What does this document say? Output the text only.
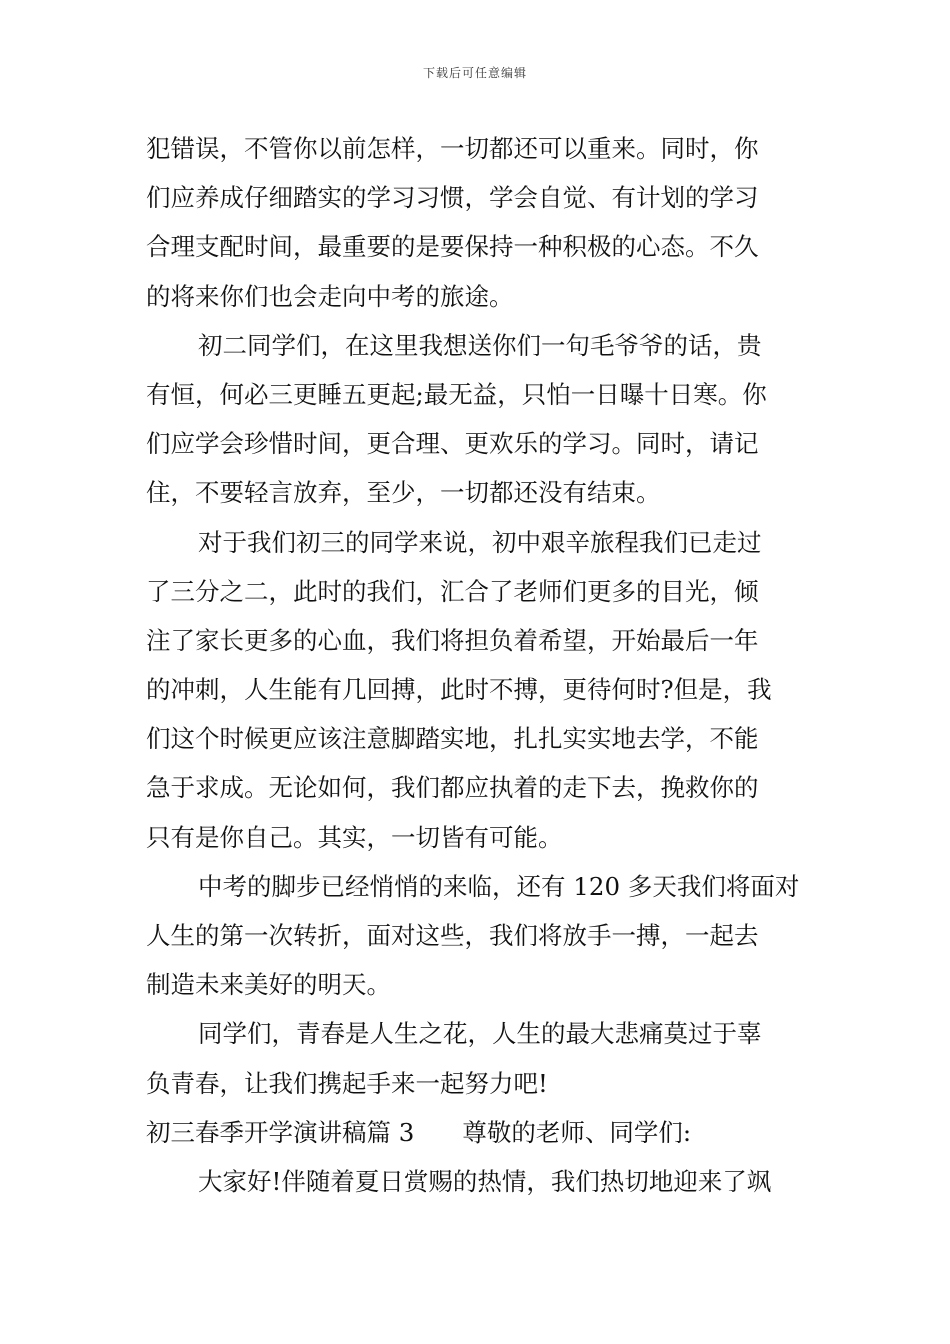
下载后可任意编辑
犯错误，不管你以前怎样，一切都还可以重来。同时，你
们应养成仔细踏实的学习习惯，学会自觉、有计划的学习
合理支配时间，最重要的是要保持一种积极的心态。不久
的将来你们也会走向中考的旅途。
初二同学们，在这里我想送你们一句毛爷爷的话，贵
有恒，何必三更睡五更起;最无益，只怕一日曝十日寒。你
们应学会珍惜时间，更合理、更欢乐的学习。同时，请记
住，不要轻言放弃，至少，一切都还没有结束。
对于我们初三的同学来说，初中艰辛旅程我们已走过
了三分之二，此时的我们，汇合了老师们更多的目光，倾
注了家长更多的心血，我们将担负着希望，开始最后一年
的冲刺，人生能有几回搏，此时不搏，更待何时?但是，我
们这个时候更应该注意脚踏实地，扎扎实实地去学，不能
急于求成。无论如何，我们都应执着的走下去，挽救你的
只有是你自己。其实，一切皆有可能。
中考的脚步已经悄悄的来临，还有 120 多天我们将面对
人生的第一次转折，面对这些，我们将放手一搏，一起去
制造未来美好的明天。
同学们，青春是人生之花，人生的最大悲痛莫过于辜
负青春，让我们携起手来一起努力吧!
初三春季开学演讲稿篇 3 尊敬的老师、同学们:
大家好!伴随着夏日赏赐的热情，我们热切地迎来了飒
